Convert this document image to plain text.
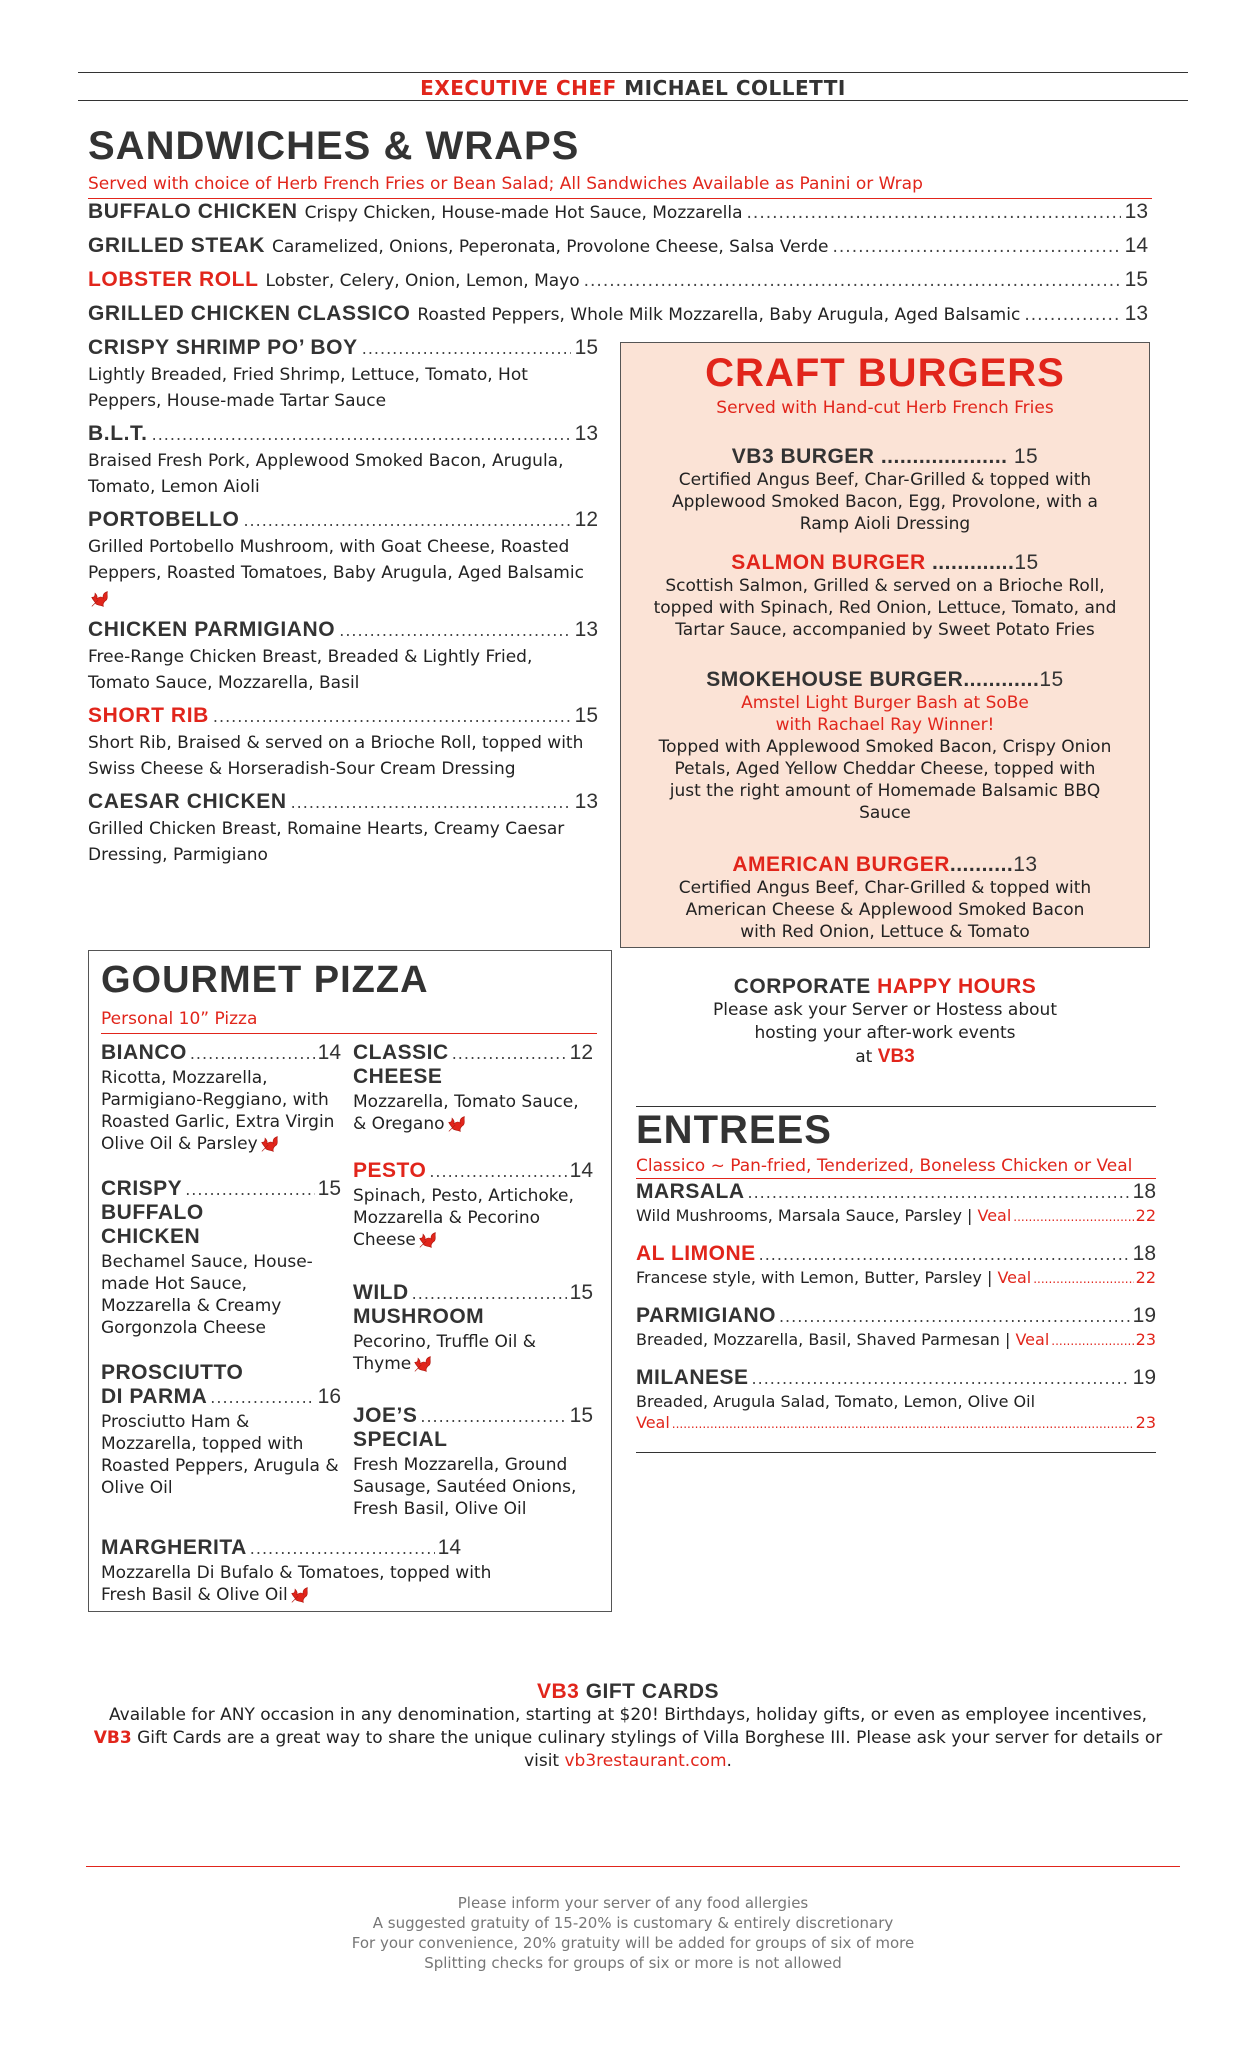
EXECUTIVE CHEF MICHAEL COLLETTI
SANDWICHES & WRAPS
Served with choice of Herb French Fries or Bean Salad; All Sandwiches Available as Panini or Wrap
BUFFALO CHICKEN Crispy Chicken, House-made Hot Sauce, Mozzarella .....	13
GRILLED STEAK Caramelized, Onions, Peperonata, Provolone Cheese, Salsa Verde .....	14
LOBSTER ROLL Lobster, Celery, Onion, Lemon, Mayo .....	15
GRILLED CHICKEN CLASSICO Roasted Peppers, Whole Milk Mozzarella, Baby Arugula, Aged Balsamic .....	13
CRISPY SHRIMP PO’ BOY .....	15
Lightly Breaded, Fried Shrimp, Lettuce, Tomato, Hot Peppers, House-made Tartar Sauce
B.L.T. .....	13
Braised Fresh Pork, Applewood Smoked Bacon, Arugula, Tomato, Lemon Aioli
PORTOBELLO .....	12
Grilled Portobello Mushroom, with Goat Cheese, Roasted Peppers, Roasted Tomatoes, Baby Arugula, Aged Balsamic
CHICKEN PARMIGIANO .....	13
Free-Range Chicken Breast, Breaded & Lightly Fried, Tomato Sauce, Mozzarella, Basil
SHORT RIB .....	15
Short Rib, Braised & served on a Brioche Roll, topped with Swiss Cheese & Horseradish-Sour Cream Dressing
CAESAR CHICKEN .....	13
Grilled Chicken Breast, Romaine Hearts, Creamy Caesar Dressing, Parmigiano
CRAFT BURGERS
Served with Hand-cut Herb French Fries
VB3 BURGER .................... 15
Certified Angus Beef, Char-Grilled & topped with Applewood Smoked Bacon, Egg, Provolone, with a Ramp Aioli Dressing
SALMON BURGER .............15
Scottish Salmon, Grilled & served on a Brioche Roll, topped with Spinach, Red Onion, Lettuce, Tomato, and Tartar Sauce, accompanied by Sweet Potato Fries
SMOKEHOUSE BURGER............15
Amstel Light Burger Bash at SoBe with Rachael Ray Winner!
Topped with Applewood Smoked Bacon, Crispy Onion Petals, Aged Yellow Cheddar Cheese, topped with just the right amount of Homemade Balsamic BBQ Sauce
AMERICAN BURGER..........13
Certified Angus Beef, Char-Grilled & topped with American Cheese & Applewood Smoked Bacon with Red Onion, Lettuce & Tomato
GOURMET PIZZA
Personal 10” Pizza
BIANCO .....	14
Ricotta, Mozzarella, Parmigiano-Reggiano, with Roasted Garlic, Extra Virgin Olive Oil & Parsley
CRISPY .....	15
BUFFALO
CHICKEN
Bechamel Sauce, House-made Hot Sauce, Mozzarella & Creamy Gorgonzola Cheese
PROSCIUTTO
DI PARMA .....	16
Prosciutto Ham & Mozzarella, topped with Roasted Peppers, Arugula & Olive Oil
CLASSIC .....	12
CHEESE
Mozzarella, Tomato Sauce, & Oregano
PESTO .....	14
Spinach, Pesto, Artichoke, Mozzarella & Pecorino Cheese
WILD .....	15
MUSHROOM
Pecorino, Truffle Oil & Thyme
JOE’S .....	15
SPECIAL
Fresh Mozzarella, Ground Sausage, Sautéed Onions, Fresh Basil, Olive Oil
MARGHERITA .....	14
Mozzarella Di Bufalo & Tomatoes, topped with Fresh Basil & Olive Oil
CORPORATE HAPPY HOURS
Please ask your Server or Hostess about
hosting your after-work events
at VB3
ENTREES
Classico ~ Pan-fried, Tenderized, Boneless Chicken or Veal
MARSALA .....	18
Wild Mushrooms, Marsala Sauce, Parsley |
Veal .....	22
AL LIMONE .....	18
Francese style, with Lemon, Butter, Parsley |
Veal .....	22
PARMIGIANO .....	19
Breaded, Mozzarella, Basil, Shaved Parmesan |
Veal .....	23
MILANESE .....	19
Breaded, Arugula Salad, Tomato, Lemon, Olive Oil
Veal .....	23
VB3 GIFT CARDS
Available for ANY occasion in any denomination, starting at $20! Birthdays, holiday gifts, or even as employee incentives,
VB3 Gift Cards are a great way to share the unique culinary stylings of Villa Borghese III. Please ask your server for details or
visit vb3restaurant.com.
Please inform your server of any food allergies
A suggested gratuity of 15-20% is customary & entirely discretionary
For your convenience, 20% gratuity will be added for groups of six of more
Splitting checks for groups of six or more is not allowed
